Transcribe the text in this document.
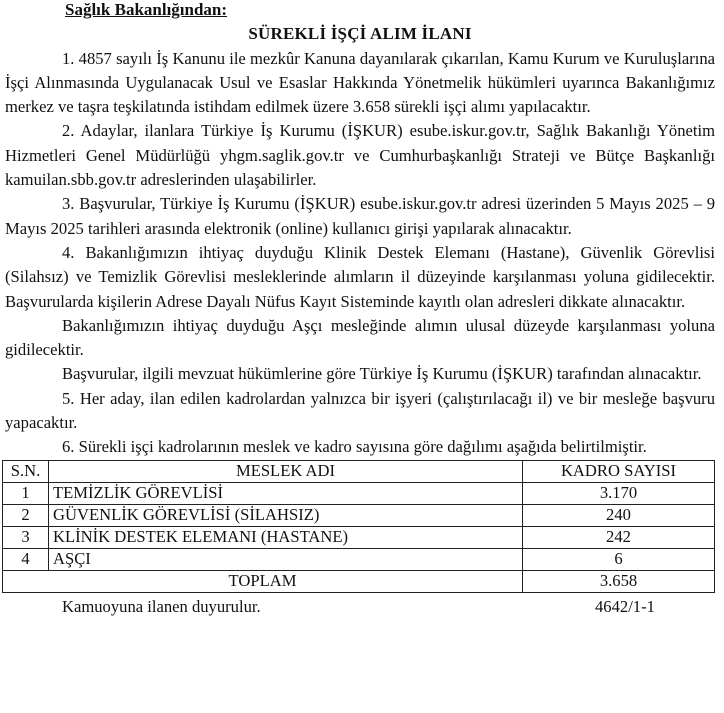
Sağlık Bakanlığından:
SÜREKLİ İŞÇİ ALIM İLANI

1. 4857 sayılı İş Kanunu ile mezkûr Kanuna dayanılarak çıkarılan, Kamu Kurum ve Kuruluşlarına İşçi Alınmasında Uygulanacak Usul ve Esaslar Hakkında Yönetmelik hükümleri uyarınca Bakanlığımız merkez ve taşra teşkilatında istihdam edilmek üzere 3.658 sürekli işçi alımı yapılacaktır.

2. Adaylar, ilanlara Türkiye İş Kurumu (İŞKUR) esube.iskur.gov.tr, Sağlık Bakanlığı Yönetim Hizmetleri Genel Müdürlüğü yhgm.saglik.gov.tr ve Cumhurbaşkanlığı Strateji ve Bütçe Başkanlığı kamuilan.sbb.gov.tr adreslerinden ulaşabilirler.

3. Başvurular, Türkiye İş Kurumu (İŞKUR) esube.iskur.gov.tr adresi üzerinden 5 Mayıs 2025 – 9 Mayıs 2025 tarihleri arasında elektronik (online) kullanıcı girişi yapılarak alınacaktır.

4. Bakanlığımızın ihtiyaç duyduğu Klinik Destek Elemanı (Hastane), Güvenlik Görevlisi (Silahsız) ve Temizlik Görevlisi mesleklerinde alımların il düzeyinde karşılanması yoluna gidilecektir. Başvurularda kişilerin Adrese Dayalı Nüfus Kayıt Sisteminde kayıtlı olan adresleri dikkate alınacaktır.

Bakanlığımızın ihtiyaç duyduğu Aşçı mesleğinde alımın ulusal düzeyde karşılanması yoluna gidilecektir.

Başvurular, ilgili mevzuat hükümlerine göre Türkiye İş Kurumu (İŞKUR) tarafından alınacaktır.

5. Her aday, ilan edilen kadrolardan yalnızca bir işyeri (çalıştırılacağı il) ve bir mesleğe başvuru yapacaktır.

6. Sürekli işçi kadrolarının meslek ve kadro sayısına göre dağılımı aşağıda belirtilmiştir.

S.N.	MESLEK ADI	KADRO SAYISI
1	TEMİZLİK GÖREVLİSİ	3.170
2	GÜVENLİK GÖREVLİSİ (SİLAHSIZ)	240
3	KLİNİK DESTEK ELEMANI (HASTANE)	242
4	AŞÇI	6
TOPLAM		3.658
Kamuoyuna ilanen duyurulur.	4642/1-1
